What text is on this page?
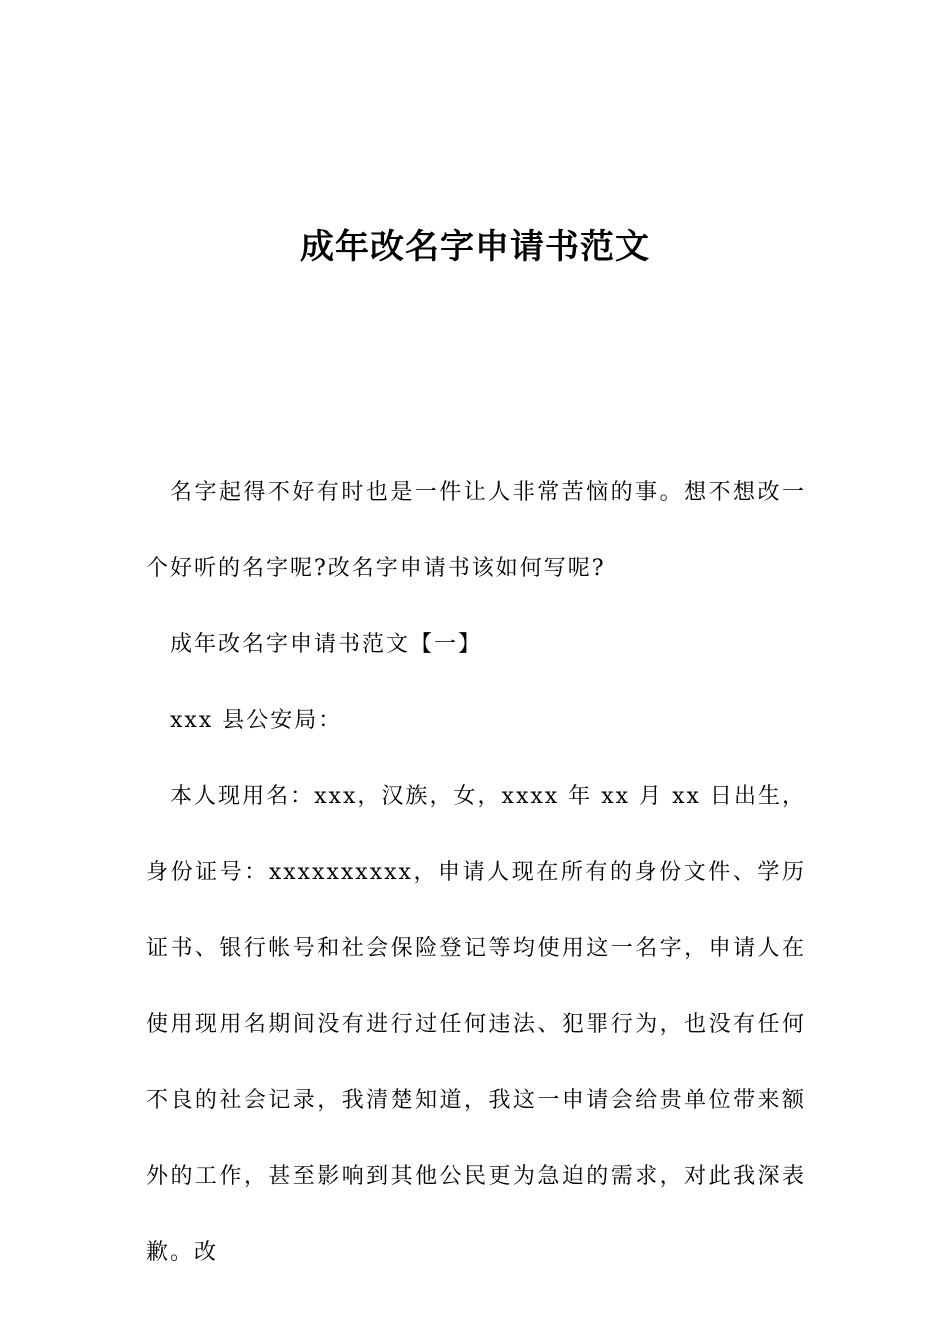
成年改名字申请书范文

名字起得不好有时也是一件让人非常苦恼的事。想不想改一个好听的名字呢?改名字申请书该如何写呢?

成年改名字申请书范文【一】

xxx 县公安局：

本人现用名：xxx，汉族，女，xxxx 年 xx 月 xx 日出生，身份证号：xxxxxxxxxx，申请人现在所有的身份文件、学历证书、银行帐号和社会保险登记等均使用这一名字，申请人在使用现用名期间没有进行过任何违法、犯罪行为，也没有任何不良的社会记录，我清楚知道，我这一申请会给贵单位带来额外的工作，甚至影响到其他公民更为急迫的需求，对此我深表歉。改
